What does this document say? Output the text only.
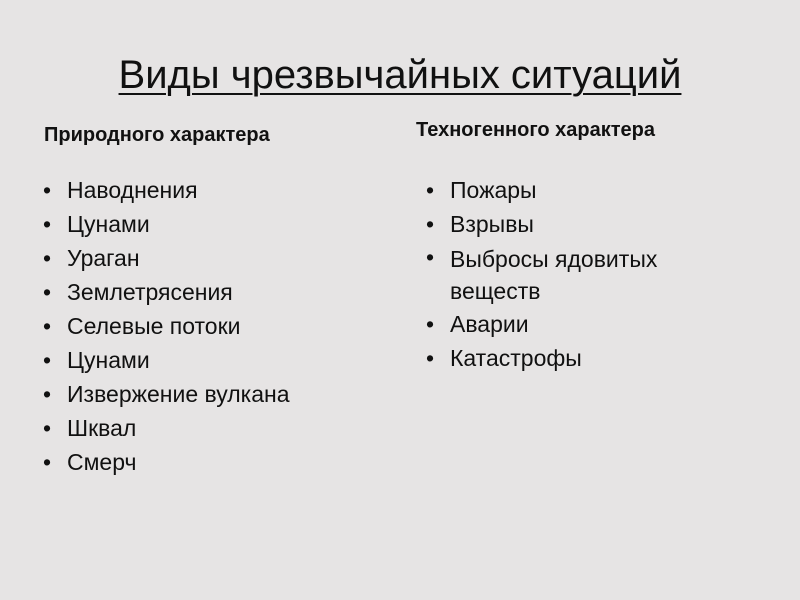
Виды чрезвычайных ситуаций
Природного характера	Техногенного характера
• Наводнения
• Цунами
• Ураган
• Землетрясения
• Селевые потоки
• Цунами
• Извержение вулкана
• Шквал
• Смерч
• Пожары
• Взрывы
• Выбросы ядовитых веществ
• Аварии
• Катастрофы
